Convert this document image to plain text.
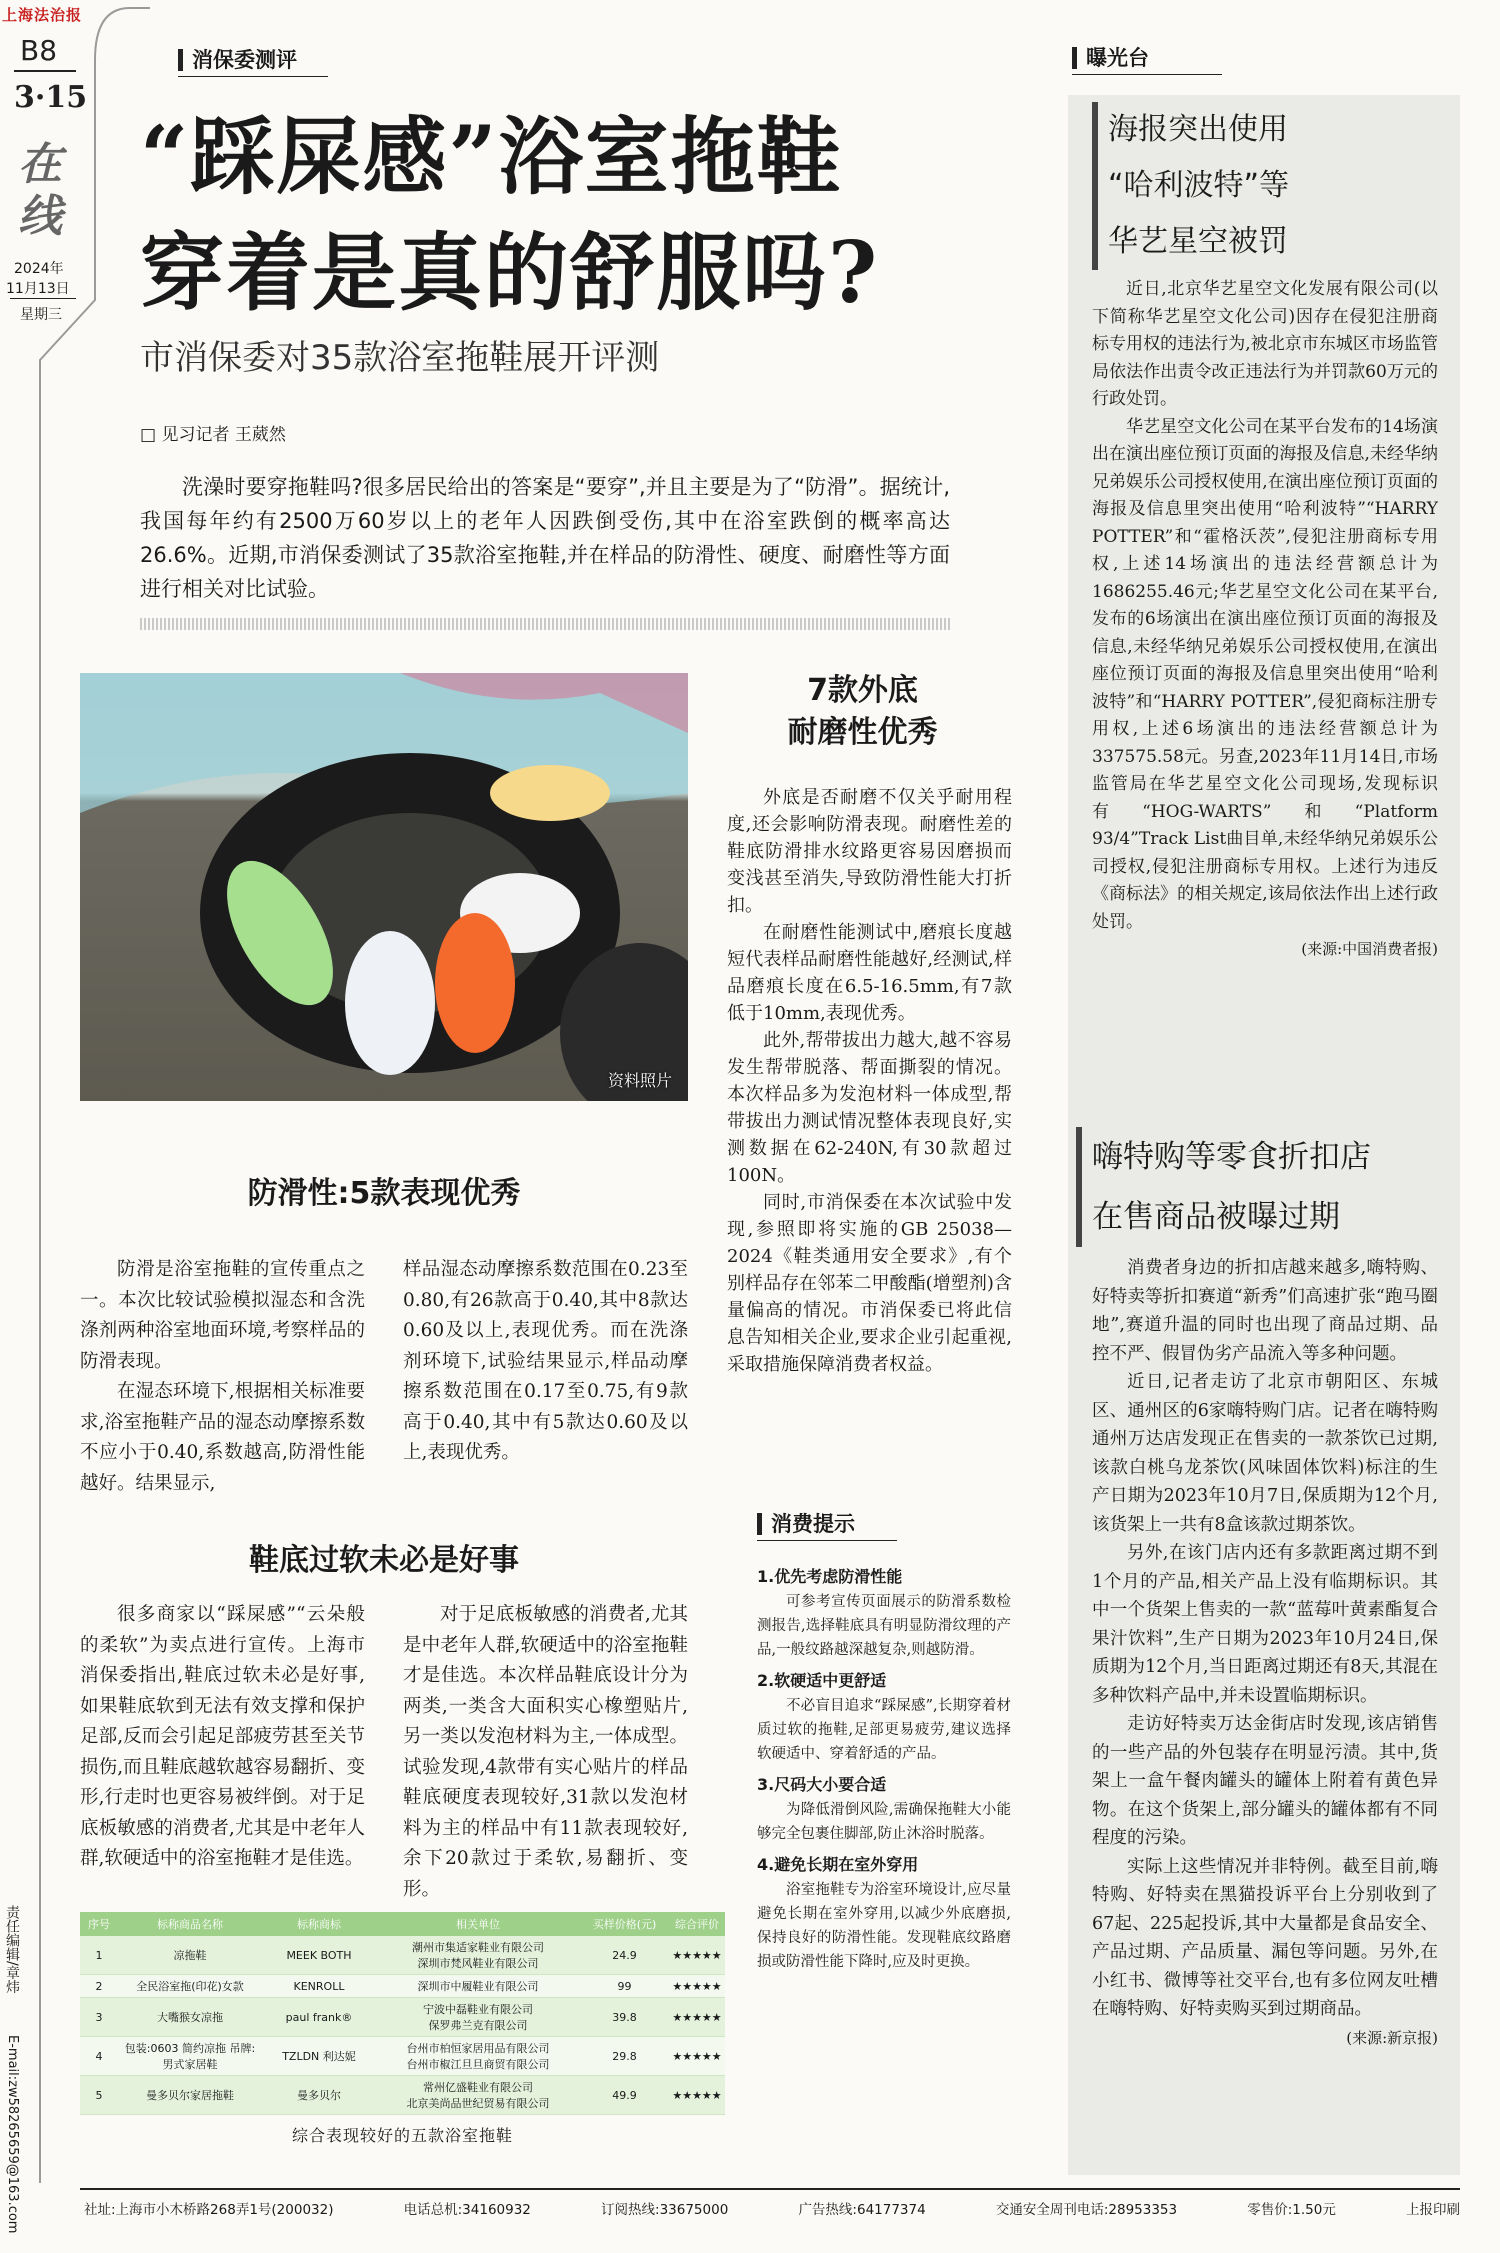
上海法治报
B8
3·15
在
线
2024年
11月13日
星期三
责任编辑/章炜
E-mail:zw58265659@163.com
消保委测评
“踩屎感”浴室拖鞋
穿着是真的舒服吗?
市消保委对35款浴室拖鞋展开评测
□ 见习记者 王葳然
洗澡时要穿拖鞋吗?很多居民给出的答案是“要穿”,并且主要是为了“防滑”。据统计,我国每年约有2500万60岁以上的老年人因跌倒受伤,其中在浴室跌倒的概率高达26.6%。近期,市消保委测试了35款浴室拖鞋,并在样品的防滑性、硬度、耐磨性等方面进行相关对比试验。
资料照片
防滑性:5款表现优秀

防滑是浴室拖鞋的宣传重点之一。本次比较试验模拟湿态和含洗涤剂两种浴室地面环境,考察样品的防滑表现。

在湿态环境下,根据相关标准要求,浴室拖鞋产品的湿态动摩擦系数不应小于0.40,系数越高,防滑性能越好。结果显示,

样品湿态动摩擦系数范围在0.23至0.80,有26款高于0.40,其中8款达0.60及以上,表现优秀。而在洗涤剂环境下,试验结果显示,样品动摩擦系数范围在0.17至0.75,有9款高于0.40,其中有5款达0.60及以上,表现优秀。

鞋底过软未必是好事

很多商家以“踩屎感”“云朵般的柔软”为卖点进行宣传。上海市消保委指出,鞋底过软未必是好事,如果鞋底软到无法有效支撑和保护足部,反而会引起足部疲劳甚至关节损伤,而且鞋底越软越容易翻折、变形,行走时也更容易被绊倒。对于足底板敏感的消费者,尤其是中老年人群,软硬适中的浴室拖鞋才是佳选。

对于足底板敏感的消费者,尤其是中老年人群,软硬适中的浴室拖鞋才是佳选。本次样品鞋底设计分为两类,一类含大面积实心橡塑贴片,另一类以发泡材料为主,一体成型。试验发现,4款带有实心贴片的样品鞋底硬度表现较好,31款以发泡材料为主的样品中有11款表现较好,余下20款过于柔软,易翻折、变形。

序号	标称商品名称	标称商标	相关单位	买样价格(元)	综合评价
1	凉拖鞋	MEEK BOTH	潮州市集适家鞋业有限公司
深圳市梵风鞋业有限公司	24.9	★★★★★
2	全民浴室拖(印花)女款	KENROLL	深圳市中履鞋业有限公司	99	★★★★★
3	大嘴猴女凉拖	paul frank®	宁波中磊鞋业有限公司
保罗弗兰克有限公司	39.8	★★★★★
4	包装:0603 简约凉拖 吊牌:男式家居鞋	TZLDN 利达妮	台州市柏恒家居用品有限公司
台州市椒江旦旦商贸有限公司	29.8	★★★★★
5	曼多贝尔家居拖鞋	曼多贝尔	常州亿盛鞋业有限公司
北京美尚品世纪贸易有限公司	49.9	★★★★★
综合表现较好的五款浴室拖鞋
7款外底
耐磨性优秀

外底是否耐磨不仅关乎耐用程度,还会影响防滑表现。耐磨性差的鞋底防滑排水纹路更容易因磨损而变浅甚至消失,导致防滑性能大打折扣。

在耐磨性能测试中,磨痕长度越短代表样品耐磨性能越好,经测试,样品磨痕长度在6.5-16.5mm,有7款低于10mm,表现优秀。

此外,帮带拔出力越大,越不容易发生帮带脱落、帮面撕裂的情况。本次样品多为发泡材料一体成型,帮带拔出力测试情况整体表现良好,实测数据在62-240N,有30款超过100N。

同时,市消保委在本次试验中发现,参照即将实施的GB 25038—2024《鞋类通用安全要求》,有个别样品存在邻苯二甲酸酯(增塑剂)含量偏高的情况。市消保委已将此信息告知相关企业,要求企业引起重视,采取措施保障消费者权益。

消费提示
1.优先考虑防滑性能
可参考宣传页面展示的防滑系数检测报告,选择鞋底具有明显防滑纹理的产品,一般纹路越深越复杂,则越防滑。
2.软硬适中更舒适
不必盲目追求“踩屎感”,长期穿着材质过软的拖鞋,足部更易疲劳,建议选择软硬适中、穿着舒适的产品。
3.尺码大小要合适
为降低滑倒风险,需确保拖鞋大小能够完全包裹住脚部,防止沐浴时脱落。
4.避免长期在室外穿用
浴室拖鞋专为浴室环境设计,应尽量避免长期在室外穿用,以减少外底磨损,保持良好的防滑性能。发现鞋底纹路磨损或防滑性能下降时,应及时更换。
曝光台
海报突出使用
“哈利波特”等
华艺星空被罚

近日,北京华艺星空文化发展有限公司(以下简称华艺星空文化公司)因存在侵犯注册商标专用权的违法行为,被北京市东城区市场监管局依法作出责令改正违法行为并罚款60万元的行政处罚。

华艺星空文化公司在某平台发布的14场演出在演出座位预订页面的海报及信息,未经华纳兄弟娱乐公司授权使用,在演出座位预订页面的海报及信息里突出使用“哈利波特”“HARRY POTTER”和“霍格沃茨”,侵犯注册商标专用权,上述14场演出的违法经营额总计为1686255.46元;华艺星空文化公司在某平台,发布的6场演出在演出座位预订页面的海报及信息,未经华纳兄弟娱乐公司授权使用,在演出座位预订页面的海报及信息里突出使用“哈利波特”和“HARRY POTTER”,侵犯商标注册专用权,上述6场演出的违法经营额总计为337575.58元。另查,2023年11月14日,市场监管局在华艺星空文化公司现场,发现标识有“HOG-WARTS”和“Platform 93/4”Track List曲目单,未经华纳兄弟娱乐公司授权,侵犯注册商标专用权。上述行为违反《商标法》的相关规定,该局依法作出上述行政处罚。

(来源:中国消费者报)
嗨特购等零食折扣店
在售商品被曝过期

消费者身边的折扣店越来越多,嗨特购、好特卖等折扣赛道“新秀”们高速扩张“跑马圈地”,赛道升温的同时也出现了商品过期、品控不严、假冒伪劣产品流入等多种问题。

近日,记者走访了北京市朝阳区、东城区、通州区的6家嗨特购门店。记者在嗨特购通州万达店发现正在售卖的一款茶饮已过期,该款白桃乌龙茶饮(风味固体饮料)标注的生产日期为2023年10月7日,保质期为12个月,该货架上一共有8盒该款过期茶饮。

另外,在该门店内还有多款距离过期不到1个月的产品,相关产品上没有临期标识。其中一个货架上售卖的一款“蓝莓叶黄素酯复合果汁饮料”,生产日期为2023年10月24日,保质期为12个月,当日距离过期还有8天,其混在多种饮料产品中,并未设置临期标识。

走访好特卖万达金街店时发现,该店销售的一些产品的外包装存在明显污渍。其中,货架上一盒午餐肉罐头的罐体上附着有黄色异物。在这个货架上,部分罐头的罐体都有不同程度的污染。

实际上这些情况并非特例。截至目前,嗨特购、好特卖在黑猫投诉平台上分别收到了67起、225起投诉,其中大量都是食品安全、产品过期、产品质量、漏包等问题。另外,在小红书、微博等社交平台,也有多位网友吐槽在嗨特购、好特卖购买到过期商品。

(来源:新京报)
社址:上海市小木桥路268弄1号(200032)	电话总机:34160932	订阅热线:33675000	广告热线:64177374	交通安全周刊电话:28953353	零售价:1.50元	上报印刷
